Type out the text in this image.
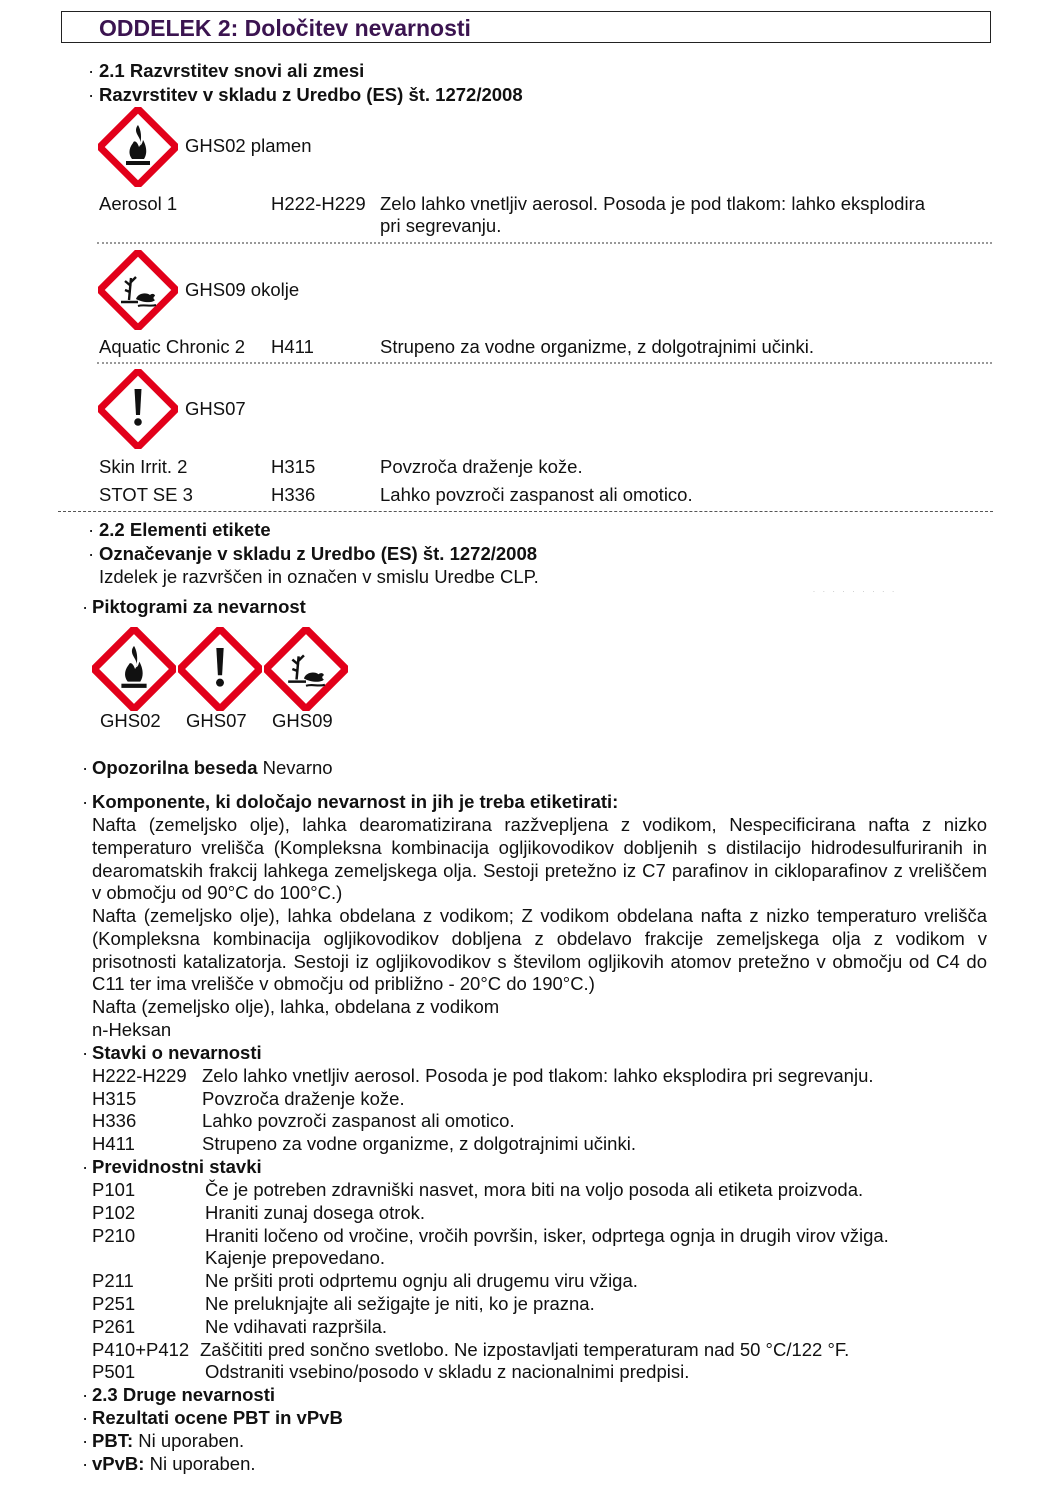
ODDELEK 2: Določitev nevarnosti
· 2.1 Razvrstitev snovi ali zmesi
· Razvrstitev v skladu z Uredbo (ES) št. 1272/2008
GHS02 plamen
Aerosol 1	H222-H229 Zelo lahko vnetljiv aerosol. Posoda je pod tlakom: lahko eksplodira
pri segrevanju.
GHS09 okolje
Aquatic Chronic 2 H411	Strupeno za vodne organizme, z dolgotrajnimi učinki.
GHS07
Skin Irrit. 2	H315	Povzroča draženje kože.
STOT SE 3	H336	Lahko povzroči zaspanost ali omotico.
· 2.2 Elementi etikete
· Označevanje v skladu z Uredbo (ES) št. 1272/2008
Izdelek je razvrščen in označen v smislu Uredbe CLP.
. . . . . . . . .
· Piktogrami za nevarnost
GHS02 GHS07 GHS09
· Opozorilna beseda Nevarno
· Komponente, ki določajo nevarnost in jih je treba etiketirati:
Nafta (zemeljsko olje), lahka dearomatizirana razžveplјena z vodikom, Nespecificirana nafta z nizko temperaturo vrelišča (Kompleksna kombinacija ogljikovodikov dobljenih s distilacijo hidrodesulfuriranih in dearomatskih frakcij lahkega zemeljskega olja. Sestoji pretežno iz C7 parafinov in cikloparafinov z vreliščem v območju od 90°C do 100°C.)
Nafta (zemeljsko olje), lahka obdelana z vodikom; Z vodikom obdelana nafta z nizko temperaturo vrelišča (Kompleksna kombinacija ogljikovodikov dobljena z obdelavo frakcije zemeljskega olja z vodikom v prisotnosti katalizatorja. Sestoji iz ogljikovodikov s številom ogljikovih atomov pretežno v območju od C4 do C11 ter ima vrelišče v območju od približno - 20°C do 190°C.)
Nafta (zemeljsko olje), lahka, obdelana z vodikom
n-Heksan
· Stavki o nevarnosti
H222-H229 Zelo lahko vnetljiv aerosol. Posoda je pod tlakom: lahko eksplodira pri segrevanju.
H315	Povzroča draženje kože.
H336	Lahko povzroči zaspanost ali omotico.
H411	Strupeno za vodne organizme, z dolgotrajnimi učinki.
· Previdnostni stavki
P101	Če je potreben zdravniški nasvet, mora biti na voljo posoda ali etiketa proizvoda.
P102	Hraniti zunaj dosega otrok.
P210	Hraniti ločeno od vročine, vročih površin, isker, odprtega ognja in drugih virov vžiga.
Kajenje prepovedano.
P211	Ne pršiti proti odprtemu ognju ali drugemu viru vžiga.
P251	Ne preluknjajte ali sežigajte je niti, ko je prazna.
P261	Ne vdihavati razpršila.
P410+P412 Zaščititi pred sončno svetlobo. Ne izpostavljati temperaturam nad 50 °C/122 °F.
P501	Odstraniti vsebino/posodo v skladu z nacionalnimi predpisi.
· 2.3 Druge nevarnosti
· Rezultati ocene PBT in vPvB
· PBT: Ni uporaben.
· vPvB: Ni uporaben.
